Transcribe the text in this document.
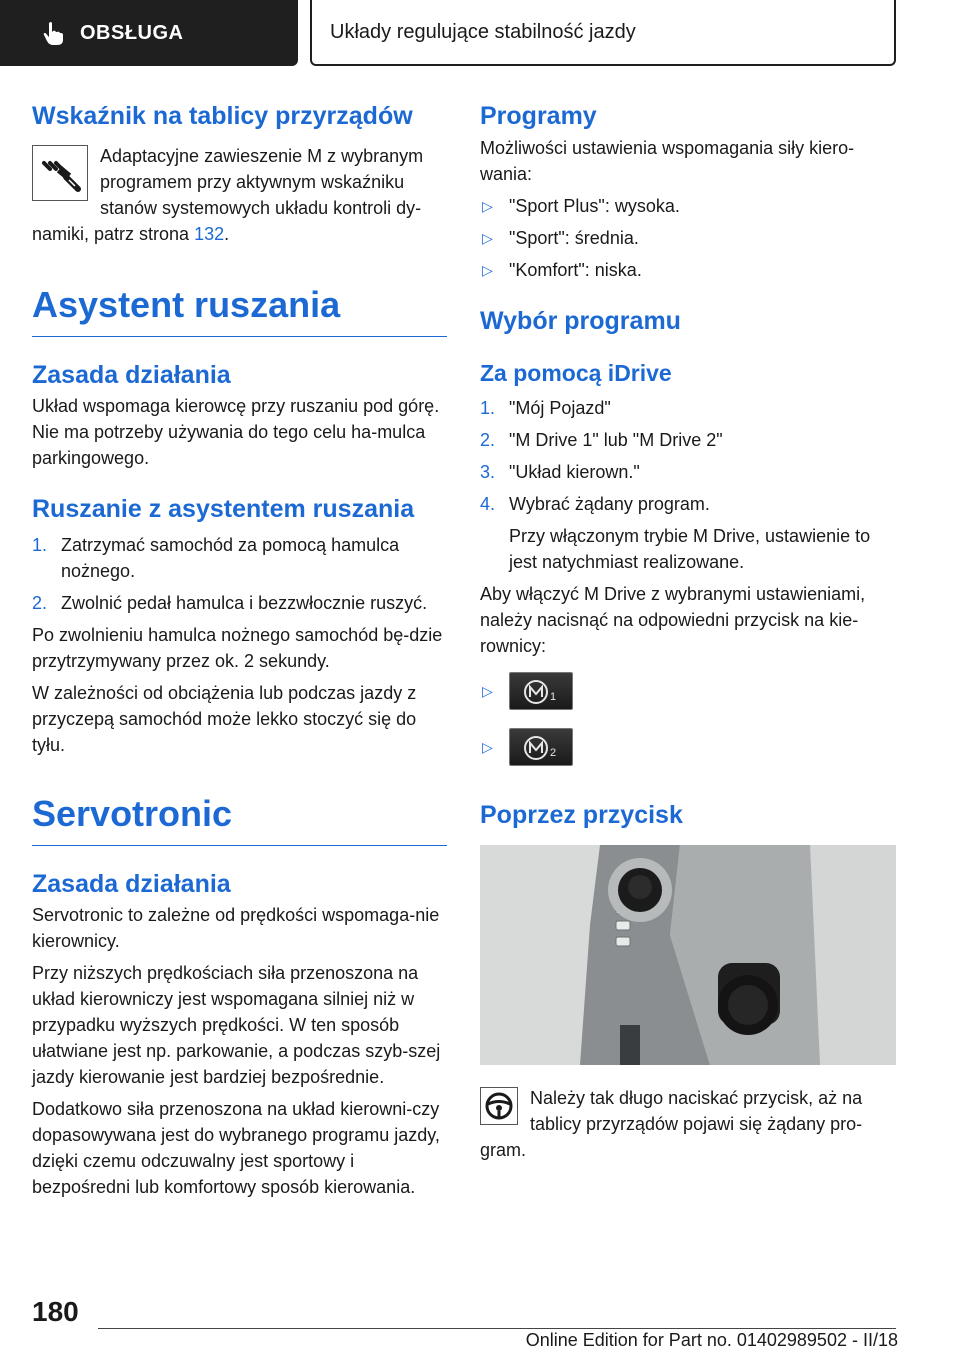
OBSŁUGA	Układy regulujące stabilność jazdy
Wskaźnik na tablicy przyrządów

Adaptacyjne zawieszenie M z wybranym programem przy aktywnym wskaźniku stanów systemowych układu kontroli dy-namiki, patrz strona 132.

Asystent ruszania
Zasada działania

Układ wspomaga kierowcę przy ruszaniu pod górę. Nie ma potrzeby używania do tego celu ha-mulca parkingowego.

Ruszanie z asystentem ruszania
1. Zatrzymać samochód za pomocą hamulca nożnego.
2. Zwolnić pedał hamulca i bezzwłocznie ruszyć.

Po zwolnieniu hamulca nożnego samochód bę-dzie przytrzymywany przez ok. 2 sekundy.

W zależności od obciążenia lub podczas jazdy z przyczepą samochód może lekko stoczyć się do tyłu.

Servotronic
Zasada działania

Servotronic to zależne od prędkości wspomaga-nie kierownicy.

Przy niższych prędkościach siła przenoszona na układ kierowniczy jest wspomagana silniej niż w przypadku wyższych prędkości. W ten sposób ułatwiane jest np. parkowanie, a podczas szyb-szej jazdy kierowanie jest bardziej bezpośrednie.

Dodatkowo siła przenoszona na układ kierowni-czy dopasowywana jest do wybranego programu jazdy, dzięki czemu odczuwalny jest sportowy i bezpośredni lub komfortowy sposób kierowania.

Programy

Możliwości ustawienia wspomagania siły kiero-wania:

▷ "Sport Plus": wysoka.
▷ "Sport": średnia.
▷ "Komfort": niska.
Wybór programu
Za pomocą iDrive
1. "Mój Pojazd"
2. "M Drive 1" lub "M Drive 2"
3. "Układ kierown."
4. Wybrać żądany program.
Przy włączonym trybie M Drive, ustawienie to jest natychmiast realizowane.

Aby włączyć M Drive z wybranymi ustawieniami, należy nacisnąć na odpowiedni przycisk na kie-rownicy:

▷	1
▷	2
Poprzez przycisk

Należy tak długo naciskać przycisk, aż na tablicy przyrządów pojawi się żądany pro-gram.

180
Online Edition for Part no. 01402989502 - II/18
